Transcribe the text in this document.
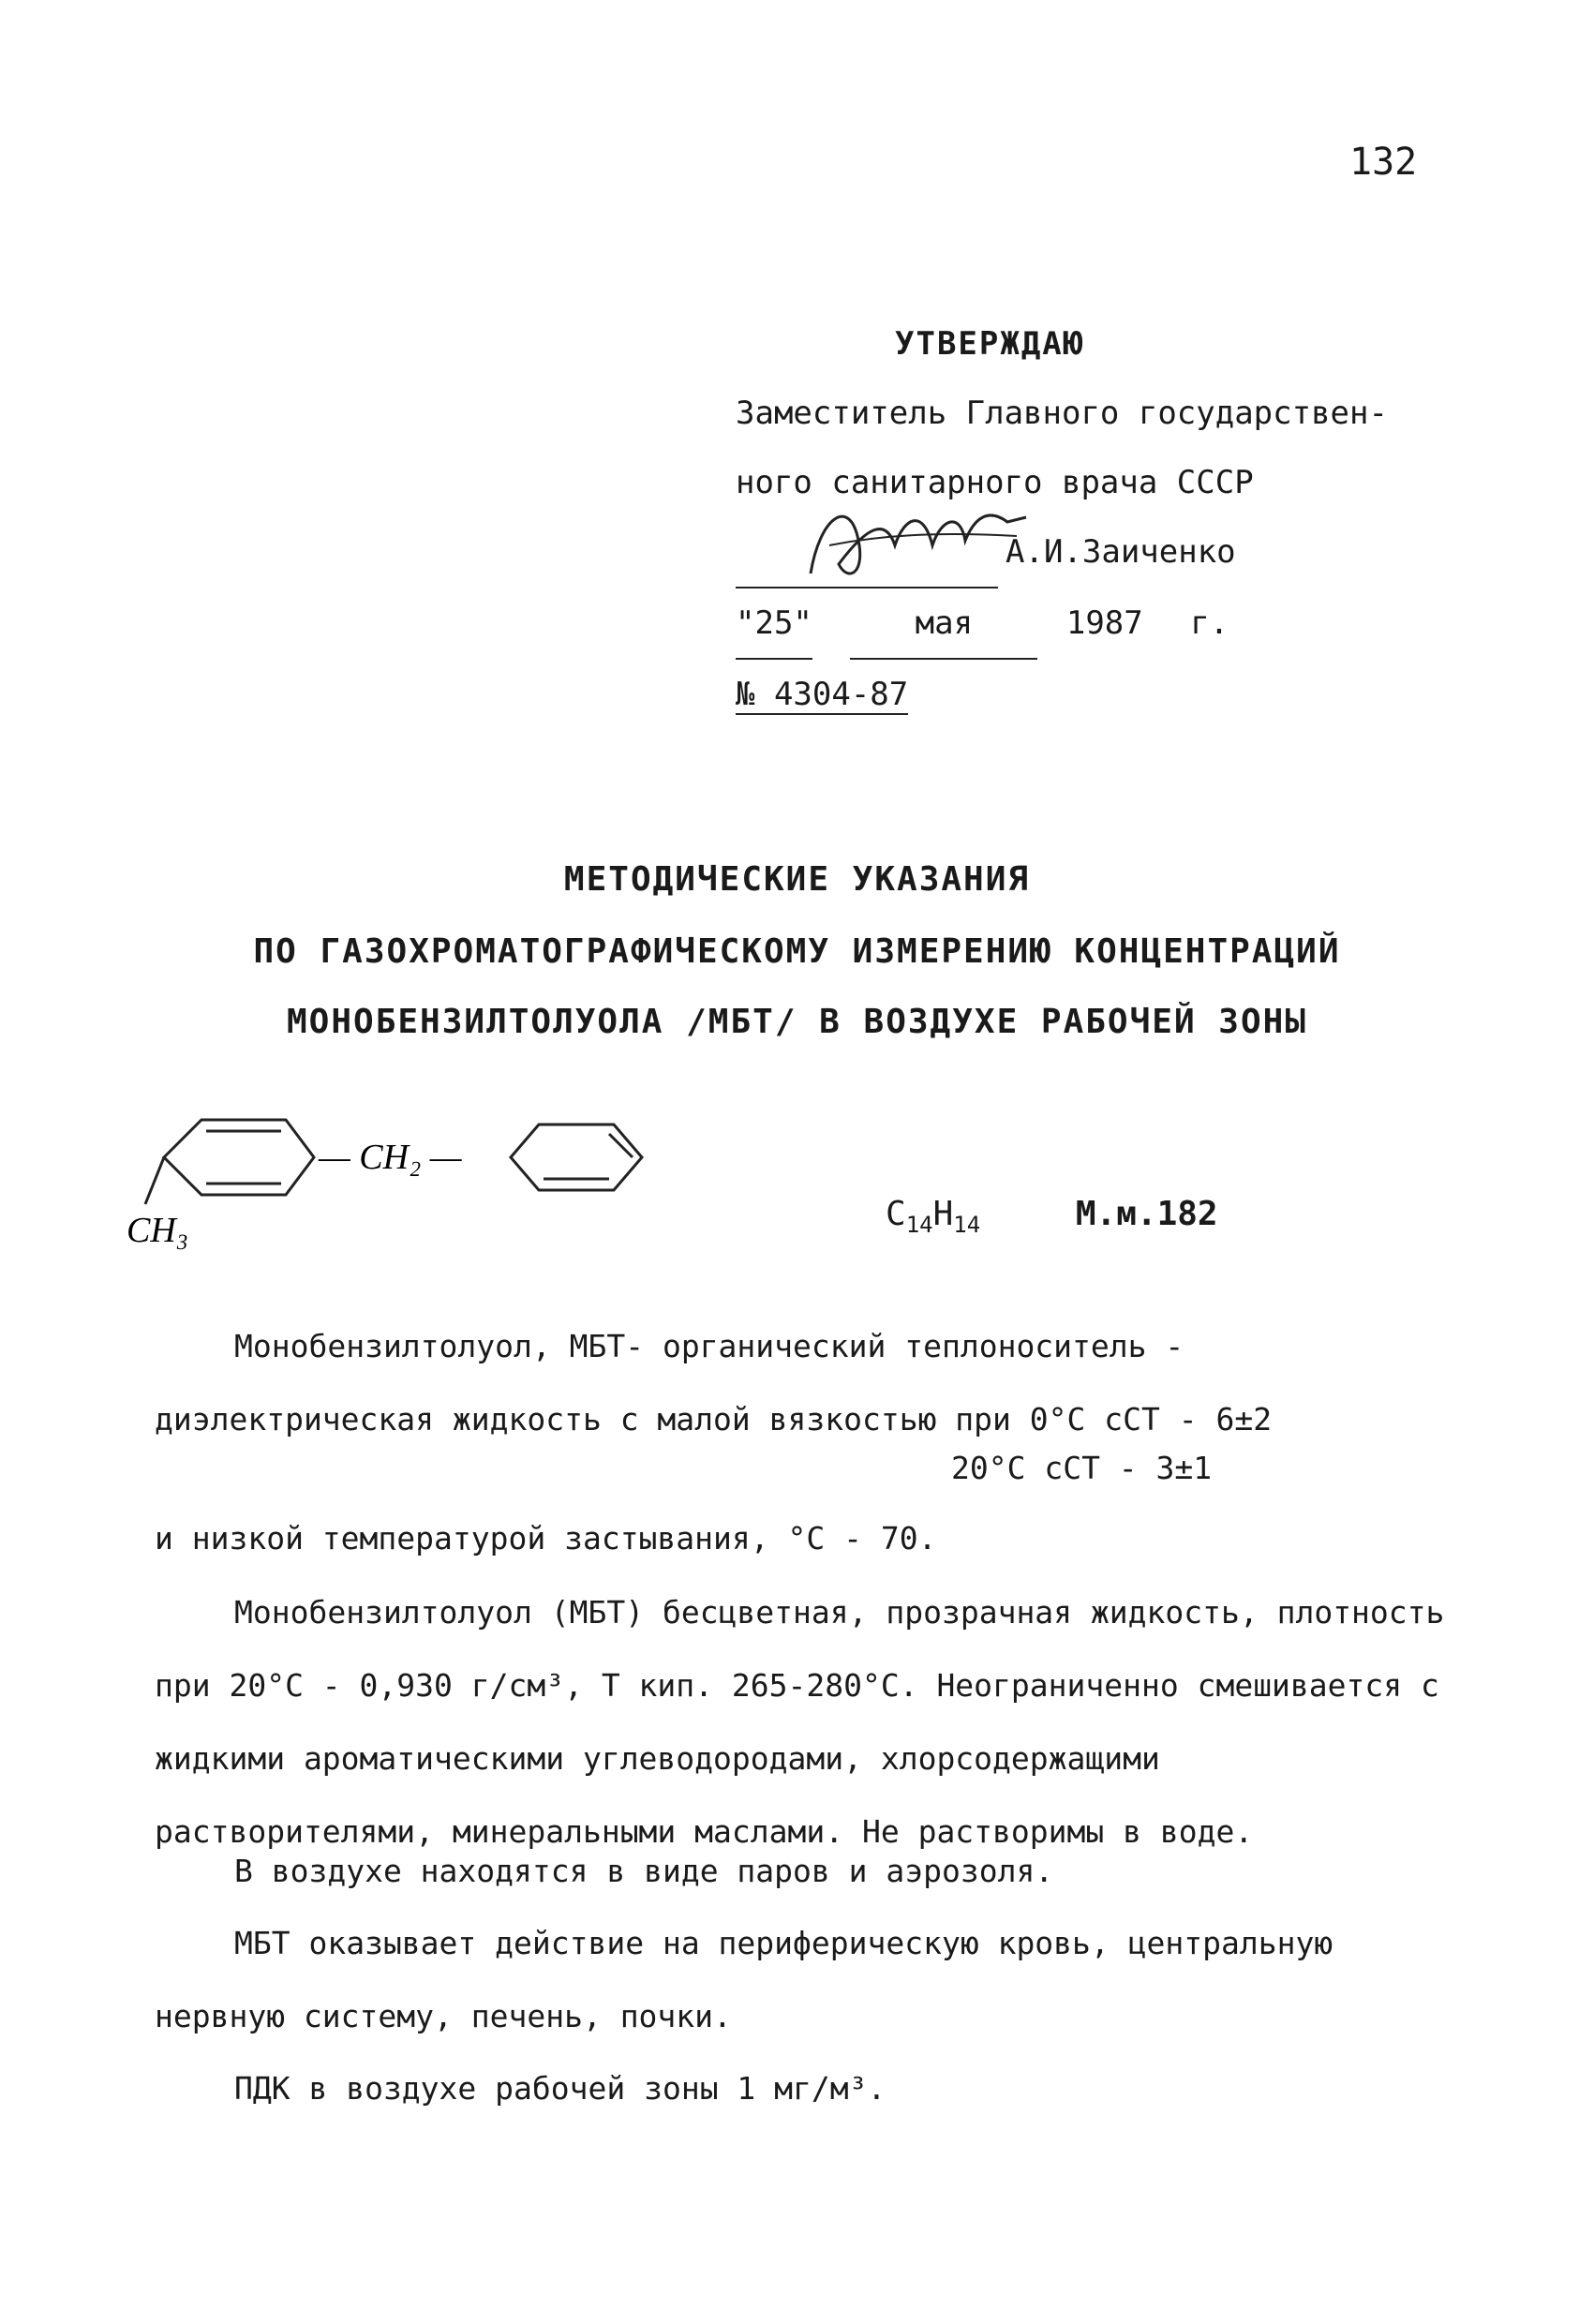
132
УТВЕРЖДАЮ
Заместитель Главного государствен-
ного санитарного врача СССР
А.И.Заиченко
"25"	мая	1987 г.
№ 4304-87
МЕТОДИЧЕСКИЕ УКАЗАНИЯ
ПО ГАЗОХРОМАТОГРАФИЧЕСКОМУ ИЗМЕРЕНИЮ КОНЦЕНТРАЦИЙ
МОНОБЕНЗИЛТОЛУОЛА /МБТ/ В ВОЗДУХЕ РАБОЧЕЙ ЗОНЫ
— CH₂ —
CH₃	$C_{14}H_{14}$	М.м.182
Монобензилтолуол, МБТ- органический теплоноситель - диэлектрическая жидкость с малой вязкостью при 0°С сСТ - 6±2
20°С сСТ - 3±1
и низкой температурой застывания, °С - 70.
Монобензилтолуол (МБТ) бесцветная, прозрачная жидкость, плотность при 20°С - 0,930 г/см³, Т кип. 265-280°С. Неограниченно смешивается с жидкими ароматическими углеводородами, хлорсодержащими растворителями, минеральными маслами. Не растворимы в воде.
В воздухе находятся в виде паров и аэрозоля.
МБТ оказывает действие на периферическую кровь, центральную нервную систему, печень, почки.
ПДК в воздухе рабочей зоны 1 мг/м³.
